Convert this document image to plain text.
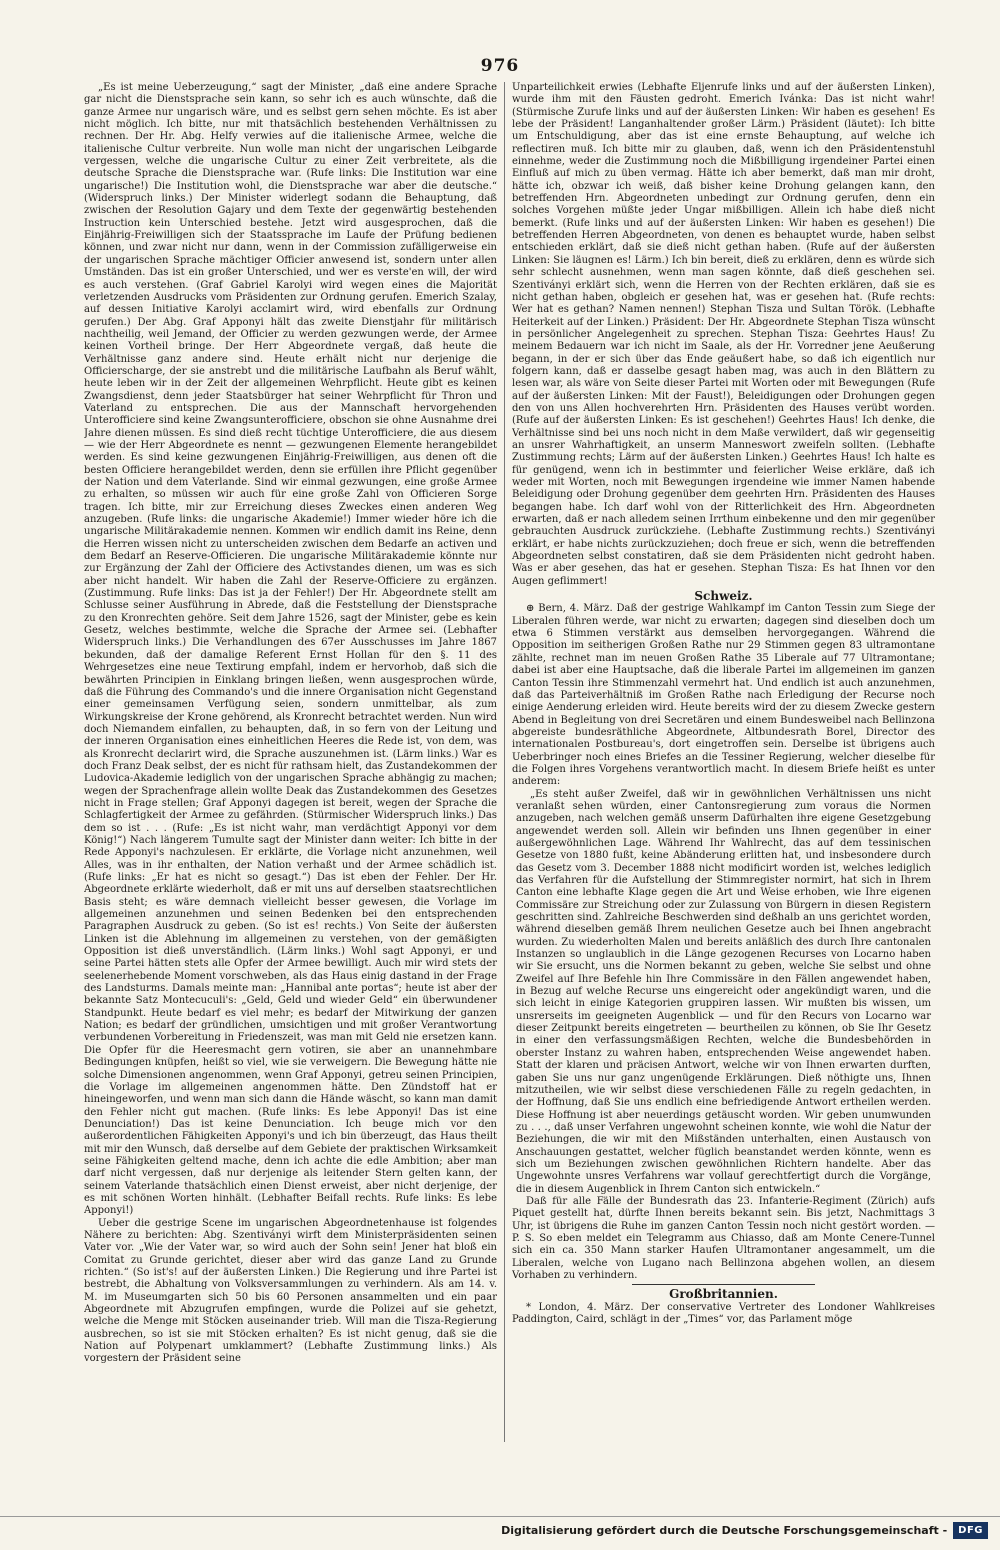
976

„Es ist meine Ueberzeugung,“ sagt der Minister, „daß eine andere Sprache gar nicht die Dienstsprache sein kann, so sehr ich es auch wünschte, daß die ganze Armee nur ungarisch wäre, und es selbst gern sehen möchte. Es ist aber nicht möglich. Ich bitte, nur mit thatsächlich bestehenden Verhältnissen zu rechnen. Der Hr. Abg. Helfy verwies auf die italienische Armee, welche die italienische Cultur verbreite. Nun wolle man nicht der ungarischen Leibgarde vergessen, welche die ungarische Cultur zu einer Zeit verbreitete, als die deutsche Sprache die Dienstsprache war. (Rufe links: Die Institution war eine ungarische!) Die Institution wohl, die Dienstsprache war aber die deutsche.“ (Widerspruch links.) Der Minister widerlegt sodann die Behauptung, daß zwischen der Resolution Gajary und dem Texte der gegenwärtig bestehenden Instruction kein Unterschied bestehe. Jetzt wird ausgesprochen, daß die Einjährig-Freiwilligen sich der Staatssprache im Laufe der Prüfung bedienen können, und zwar nicht nur dann, wenn in der Commission zufälligerweise ein der ungarischen Sprache mächtiger Officier anwesend ist, sondern unter allen Umständen. Das ist ein großer Unterschied, und wer es verste'en will, der wird es auch verstehen. (Graf Gabriel Karolyi wird wegen eines die Majorität verletzenden Ausdrucks vom Präsidenten zur Ordnung gerufen. Emerich Szalay, auf dessen Initiative Karolyi acclamirt wird, wird ebenfalls zur Ordnung gerufen.) Der Abg. Graf Apponyi hält das zweite Dienstjahr für militärisch nachtheilig, weil Jemand, der Officier zu werden gezwungen werde, der Armee keinen Vortheil bringe. Der Herr Abgeordnete vergaß, daß heute die Verhältnisse ganz andere sind. Heute erhält nicht nur derjenige die Officierscharge, der sie anstrebt und die militärische Laufbahn als Beruf wählt, heute leben wir in der Zeit der allgemeinen Wehrpflicht. Heute gibt es keinen Zwangsdienst, denn jeder Staatsbürger hat seiner Wehrpflicht für Thron und Vaterland zu entsprechen. Die aus der Mannschaft hervorgehenden Unterofficiere sind keine Zwangsunterofficiere, obschon sie ohne Ausnahme drei Jahre dienen müssen. Es sind dieß recht tüchtige Unterofficiere, die aus diesem — wie der Herr Abgeordnete es nennt — gezwungenen Elemente herangebildet werden. Es sind keine gezwungenen Einjährig-Freiwilligen, aus denen oft die besten Officiere herangebildet werden, denn sie erfüllen ihre Pflicht gegenüber der Nation und dem Vaterlande. Sind wir einmal gezwungen, eine große Armee zu erhalten, so müssen wir auch für eine große Zahl von Officieren Sorge tragen. Ich bitte, mir zur Erreichung dieses Zweckes einen anderen Weg anzugeben. (Rufe links: die ungarische Akademie!) Immer wieder höre ich die ungarische Militärakademie nennen. Kommen wir endlich damit ins Reine, denn die Herren wissen nicht zu unterscheiden zwischen dem Bedarfe an activen und dem Bedarf an Reserve-Officieren. Die ungarische Militärakademie könnte nur zur Ergänzung der Zahl der Officiere des Activstandes dienen, um was es sich aber nicht handelt. Wir haben die Zahl der Reserve-Officiere zu ergänzen. (Zustimmung. Rufe links: Das ist ja der Fehler!) Der Hr. Abgeordnete stellt am Schlusse seiner Ausführung in Abrede, daß die Feststellung der Dienstsprache zu den Kronrechten gehöre. Seit dem Jahre 1526, sagt der Minister, gebe es kein Gesetz, welches bestimmte, welche die Sprache der Armee sei. (Lebhafter Widerspruch links.) Die Verhandlungen des 67er Ausschusses im Jahre 1867 bekunden, daß der damalige Referent Ernst Hollan für den §. 11 des Wehrgesetzes eine neue Textirung empfahl, indem er hervorhob, daß sich die bewährten Principien in Einklang bringen ließen, wenn ausgesprochen würde, daß die Führung des Commando's und die innere Organisation nicht Gegenstand einer gemeinsamen Verfügung seien, sondern unmittelbar, als zum Wirkungskreise der Krone gehörend, als Kronrecht betrachtet werden. Nun wird doch Niemandem einfallen, zu behaupten, daß, in so fern von der Leitung und der inneren Organisation eines einheitlichen Heeres die Rede ist, von dem, was als Kronrecht declarirt wird, die Sprache auszunehmen ist. (Lärm links.) War es doch Franz Deak selbst, der es nicht für rathsam hielt, das Zustandekommen der Ludovica-Akademie lediglich von der ungarischen Sprache abhängig zu machen; wegen der Sprachenfrage allein wollte Deak das Zustandekommen des Gesetzes nicht in Frage stellen; Graf Apponyi dagegen ist bereit, wegen der Sprache die Schlagfertigkeit der Armee zu gefährden. (Stürmischer Widerspruch links.) Das dem so ist . . . (Rufe: „Es ist nicht wahr, man verdächtigt Apponyi vor dem König!“) Nach längerem Tumulte sagt der Minister dann weiter: Ich bitte in der Rede Apponyi's nachzulesen. Er erklärte, die Vorlage nicht anzunehmen, weil Alles, was in ihr enthalten, der Nation verhaßt und der Armee schädlich ist. (Rufe links: „Er hat es nicht so gesagt.“) Das ist eben der Fehler. Der Hr. Abgeordnete erklärte wiederholt, daß er mit uns auf derselben staatsrechtlichen Basis steht; es wäre demnach vielleicht besser gewesen, die Vorlage im allgemeinen anzunehmen und seinen Bedenken bei den entsprechenden Paragraphen Ausdruck zu geben. (So ist es! rechts.) Von Seite der äußersten Linken ist die Ablehnung im allgemeinen zu verstehen, von der gemäßigten Opposition ist dieß unverständlich. (Lärm links.) Wohl sagt Apponyi, er und seine Partei hätten stets alle Opfer der Armee bewilligt. Auch mir wird stets der seelenerhebende Moment vorschweben, als das Haus einig dastand in der Frage des Landsturms. Damals meinte man: „Hannibal ante portas“; heute ist aber der bekannte Satz Montecuculi's: „Geld, Geld und wieder Geld“ ein überwundener Standpunkt. Heute bedarf es viel mehr; es bedarf der Mitwirkung der ganzen Nation; es bedarf der gründlichen, umsichtigen und mit großer Verantwortung verbundenen Vorbereitung in Friedenszeit, was man mit Geld nie ersetzen kann. Die Opfer für die Heeresmacht gern votiren, sie aber an unannehmbare Bedingungen knüpfen, heißt so viel, wie sie verweigern. Die Bewegung hätte nie solche Dimensionen angenommen, wenn Graf Apponyi, getreu seinen Principien, die Vorlage im allgemeinen angenommen hätte. Den Zündstoff hat er hineingeworfen, und wenn man sich dann die Hände wäscht, so kann man damit den Fehler nicht gut machen. (Rufe links: Es lebe Apponyi! Das ist eine Denunciation!) Das ist keine Denunciation. Ich beuge mich vor den außerordentlichen Fähigkeiten Apponyi's und ich bin überzeugt, das Haus theilt mit mir den Wunsch, daß derselbe auf dem Gebiete der praktischen Wirksamkeit seine Fähigkeiten geltend mache, denn ich achte die edle Ambition; aber man darf nicht vergessen, daß nur derjenige als leitender Stern gelten kann, der seinem Vaterlande thatsächlich einen Dienst erweist, aber nicht derjenige, der es mit schönen Worten hinhält. (Lebhafter Beifall rechts. Rufe links: Es lebe Apponyi!)

Ueber die gestrige Scene im ungarischen Abgeordnetenhause ist folgendes Nähere zu berichten: Abg. Szentiványi wirft dem Ministerpräsidenten seinen Vater vor. „Wie der Vater war, so wird auch der Sohn sein! Jener hat bloß ein Comitat zu Grunde gerichtet, dieser aber wird das ganze Land zu Grunde richten.“ (So ist's! auf der äußersten Linken.) Die Regierung und ihre Partei ist bestrebt, die Abhaltung von Volksversammlungen zu verhindern. Als am 14. v. M. im Museumgarten sich 50 bis 60 Personen ansammelten und ein paar Abgeordnete mit Abzugrufen empfingen, wurde die Polizei auf sie gehetzt, welche die Menge mit Stöcken auseinander trieb. Will man die Tisza-Regierung ausbrechen, so ist sie mit Stöcken erhalten? Es ist nicht genug, daß sie die Nation auf Polypenart umklammert? (Lebhafte Zustimmung links.) Als vorgestern der Präsident seine

Unparteilichkeit erwies (Lebhafte Eljenrufe links und auf der äußersten Linken), wurde ihm mit den Fäusten gedroht. Emerich Ivánka: Das ist nicht wahr! (Stürmische Zurufe links und auf der äußersten Linken: Wir haben es gesehen! Es lebe der Präsident! Langanhaltender großer Lärm.) Präsident (läutet): Ich bitte um Entschuldigung, aber das ist eine ernste Behauptung, auf welche ich reflectiren muß. Ich bitte mir zu glauben, daß, wenn ich den Präsidentenstuhl einnehme, weder die Zustimmung noch die Mißbilligung irgendeiner Partei einen Einfluß auf mich zu üben vermag. Hätte ich aber bemerkt, daß man mir droht, hätte ich, obzwar ich weiß, daß bisher keine Drohung gelangen kann, den betreffenden Hrn. Abgeordneten unbedingt zur Ordnung gerufen, denn ein solches Vorgehen müßte jeder Ungar mißbilligen. Allein ich habe dieß nicht bemerkt. (Rufe links und auf der äußersten Linken: Wir haben es gesehen!) Die betreffenden Herren Abgeordneten, von denen es behauptet wurde, haben selbst entschieden erklärt, daß sie dieß nicht gethan haben. (Rufe auf der äußersten Linken: Sie läugnen es! Lärm.) Ich bin bereit, dieß zu erklären, denn es würde sich sehr schlecht ausnehmen, wenn man sagen könnte, daß dieß geschehen sei. Szentiványi erklärt sich, wenn die Herren von der Rechten erklären, daß sie es nicht gethan haben, obgleich er gesehen hat, was er gesehen hat. (Rufe rechts: Wer hat es gethan? Namen nennen!) Stephan Tisza und Sultan Török. (Lebhafte Heiterkeit auf der Linken.) Präsident: Der Hr. Abgeordnete Stephan Tisza wünscht in persönlicher Angelegenheit zu sprechen. Stephan Tisza: Geehrtes Haus! Zu meinem Bedauern war ich nicht im Saale, als der Hr. Vorredner jene Aeußerung begann, in der er sich über das Ende geäußert habe, so daß ich eigentlich nur folgern kann, daß er dasselbe gesagt haben mag, was auch in den Blättern zu lesen war, als wäre von Seite dieser Partei mit Worten oder mit Bewegungen (Rufe auf der äußersten Linken: Mit der Faust!), Beleidigungen oder Drohungen gegen den von uns Allen hochverehrten Hrn. Präsidenten des Hauses verübt worden. (Rufe auf der äußersten Linken: Es ist geschehen!) Geehrtes Haus! Ich denke, die Verhältnisse sind bei uns noch nicht in dem Maße verwildert, daß wir gegenseitig an unsrer Wahrhaftigkeit, an unserm Manneswort zweifeln sollten. (Lebhafte Zustimmung rechts; Lärm auf der äußersten Linken.) Geehrtes Haus! Ich halte es für genügend, wenn ich in bestimmter und feierlicher Weise erkläre, daß ich weder mit Worten, noch mit Bewegungen irgendeine wie immer Namen habende Beleidigung oder Drohung gegenüber dem geehrten Hrn. Präsidenten des Hauses begangen habe. Ich darf wohl von der Ritterlichkeit des Hrn. Abgeordneten erwarten, daß er nach alledem seinen Irrthum einbekenne und den mir gegenüber gebrauchten Ausdruck zurückziehe. (Lebhafte Zustimmung rechts.) Szentiványi erklärt, er habe nichts zurückzuziehen; doch freue er sich, wenn die betreffenden Abgeordneten selbst constatiren, daß sie dem Präsidenten nicht gedroht haben. Was er aber gesehen, das hat er gesehen. Stephan Tisza: Es hat Ihnen vor den Augen geflimmert!

Schweiz.

⊕ Bern, 4. März. Daß der gestrige Wahlkampf im Canton Tessin zum Siege der Liberalen führen werde, war nicht zu erwarten; dagegen sind dieselben doch um etwa 6 Stimmen verstärkt aus demselben hervorgegangen. Während die Opposition im seitherigen Großen Rathe nur 29 Stimmen gegen 83 ultramontane zählte, rechnet man im neuen Großen Rathe 35 Liberale auf 77 Ultramontane; dabei ist aber eine Hauptsache, daß die liberale Partei im allgemeinen im ganzen Canton Tessin ihre Stimmenzahl vermehrt hat. Und endlich ist auch anzunehmen, daß das Parteiverhältniß im Großen Rathe nach Erledigung der Recurse noch einige Aenderung erleiden wird. Heute bereits wird der zu diesem Zwecke gestern Abend in Begleitung von drei Secretären und einem Bundesweibel nach Bellinzona abgereiste bundesräthliche Abgeordnete, Altbundesrath Borel, Director des internationalen Postbureau's, dort eingetroffen sein. Derselbe ist übrigens auch Ueberbringer noch eines Briefes an die Tessiner Regierung, welcher dieselbe für die Folgen ihres Vorgehens verantwortlich macht. In diesem Briefe heißt es unter anderem:

„Es steht außer Zweifel, daß wir in gewöhnlichen Verhältnissen uns nicht veranlaßt sehen würden, einer Cantonsregierung zum voraus die Normen anzugeben, nach welchen gemäß unserm Dafürhalten ihre eigene Gesetzgebung angewendet werden soll. Allein wir befinden uns Ihnen gegenüber in einer außergewöhnlichen Lage. Während Ihr Wahlrecht, das auf dem tessinischen Gesetze von 1880 fußt, keine Abänderung erlitten hat, und insbesondere durch das Gesetz vom 3. December 1888 nicht modificirt worden ist, welches lediglich das Verfahren für die Aufstellung der Stimmregister normirt, hat sich in Ihrem Canton eine lebhafte Klage gegen die Art und Weise erhoben, wie Ihre eigenen Commissäre zur Streichung oder zur Zulassung von Bürgern in diesen Registern geschritten sind. Zahlreiche Beschwerden sind deßhalb an uns gerichtet worden, während dieselben gemäß Ihrem neulichen Gesetze auch bei Ihnen angebracht wurden. Zu wiederholten Malen und bereits anläßlich des durch Ihre cantonalen Instanzen so unglaublich in die Länge gezogenen Recurses von Locarno haben wir Sie ersucht, uns die Normen bekannt zu geben, welche Sie selbst und ohne Zweifel auf Ihre Befehle hin Ihre Commissäre in den Fällen angewendet haben, in Bezug auf welche Recurse uns eingereicht oder angekündigt waren, und die sich leicht in einige Kategorien gruppiren lassen. Wir mußten bis wissen, um unsrerseits im geeigneten Augenblick — und für den Recurs von Locarno war dieser Zeitpunkt bereits eingetreten — beurtheilen zu können, ob Sie Ihr Gesetz in einer den verfassungsmäßigen Rechten, welche die Bundesbehörden in oberster Instanz zu wahren haben, entsprechenden Weise angewendet haben. Statt der klaren und präcisen Antwort, welche wir von Ihnen erwarten durften, gaben Sie uns nur ganz ungenügende Erklärungen. Dieß nöthigte uns, Ihnen mitzutheilen, wie wir selbst diese verschiedenen Fälle zu regeln gedachten, in der Hoffnung, daß Sie uns endlich eine befriedigende Antwort ertheilen werden. Diese Hoffnung ist aber neuerdings getäuscht worden. Wir geben unumwunden zu . . ., daß unser Verfahren ungewohnt scheinen konnte, wie wohl die Natur der Beziehungen, die wir mit den Mißständen unterhalten, einen Austausch von Anschauungen gestattet, welcher füglich beanstandet werden könnte, wenn es sich um Beziehungen zwischen gewöhnlichen Richtern handelte. Aber das Ungewohnte unsres Verfahrens war vollauf gerechtfertigt durch die Vorgänge, die in diesem Augenblick in Ihrem Canton sich entwickeln.“

Daß für alle Fälle der Bundesrath das 23. Infanterie-Regiment (Zürich) aufs Piquet gestellt hat, dürfte Ihnen bereits bekannt sein. Bis jetzt, Nachmittags 3 Uhr, ist übrigens die Ruhe im ganzen Canton Tessin noch nicht gestört worden. — P. S. So eben meldet ein Telegramm aus Chiasso, daß am Monte Cenere-Tunnel sich ein ca. 350 Mann starker Haufen Ultramontaner angesammelt, um die Liberalen, welche von Lugano nach Bellinzona abgehen wollen, an diesem Vorhaben zu verhindern.

Großbritannien.

* London, 4. März. Der conservative Vertreter des Londoner Wahlkreises Paddington, Caird, schlägt in der „Times“ vor, das Parlament möge

Digitalisierung gefördert durch die Deutsche Forschungsgemeinschaft -	DFG
